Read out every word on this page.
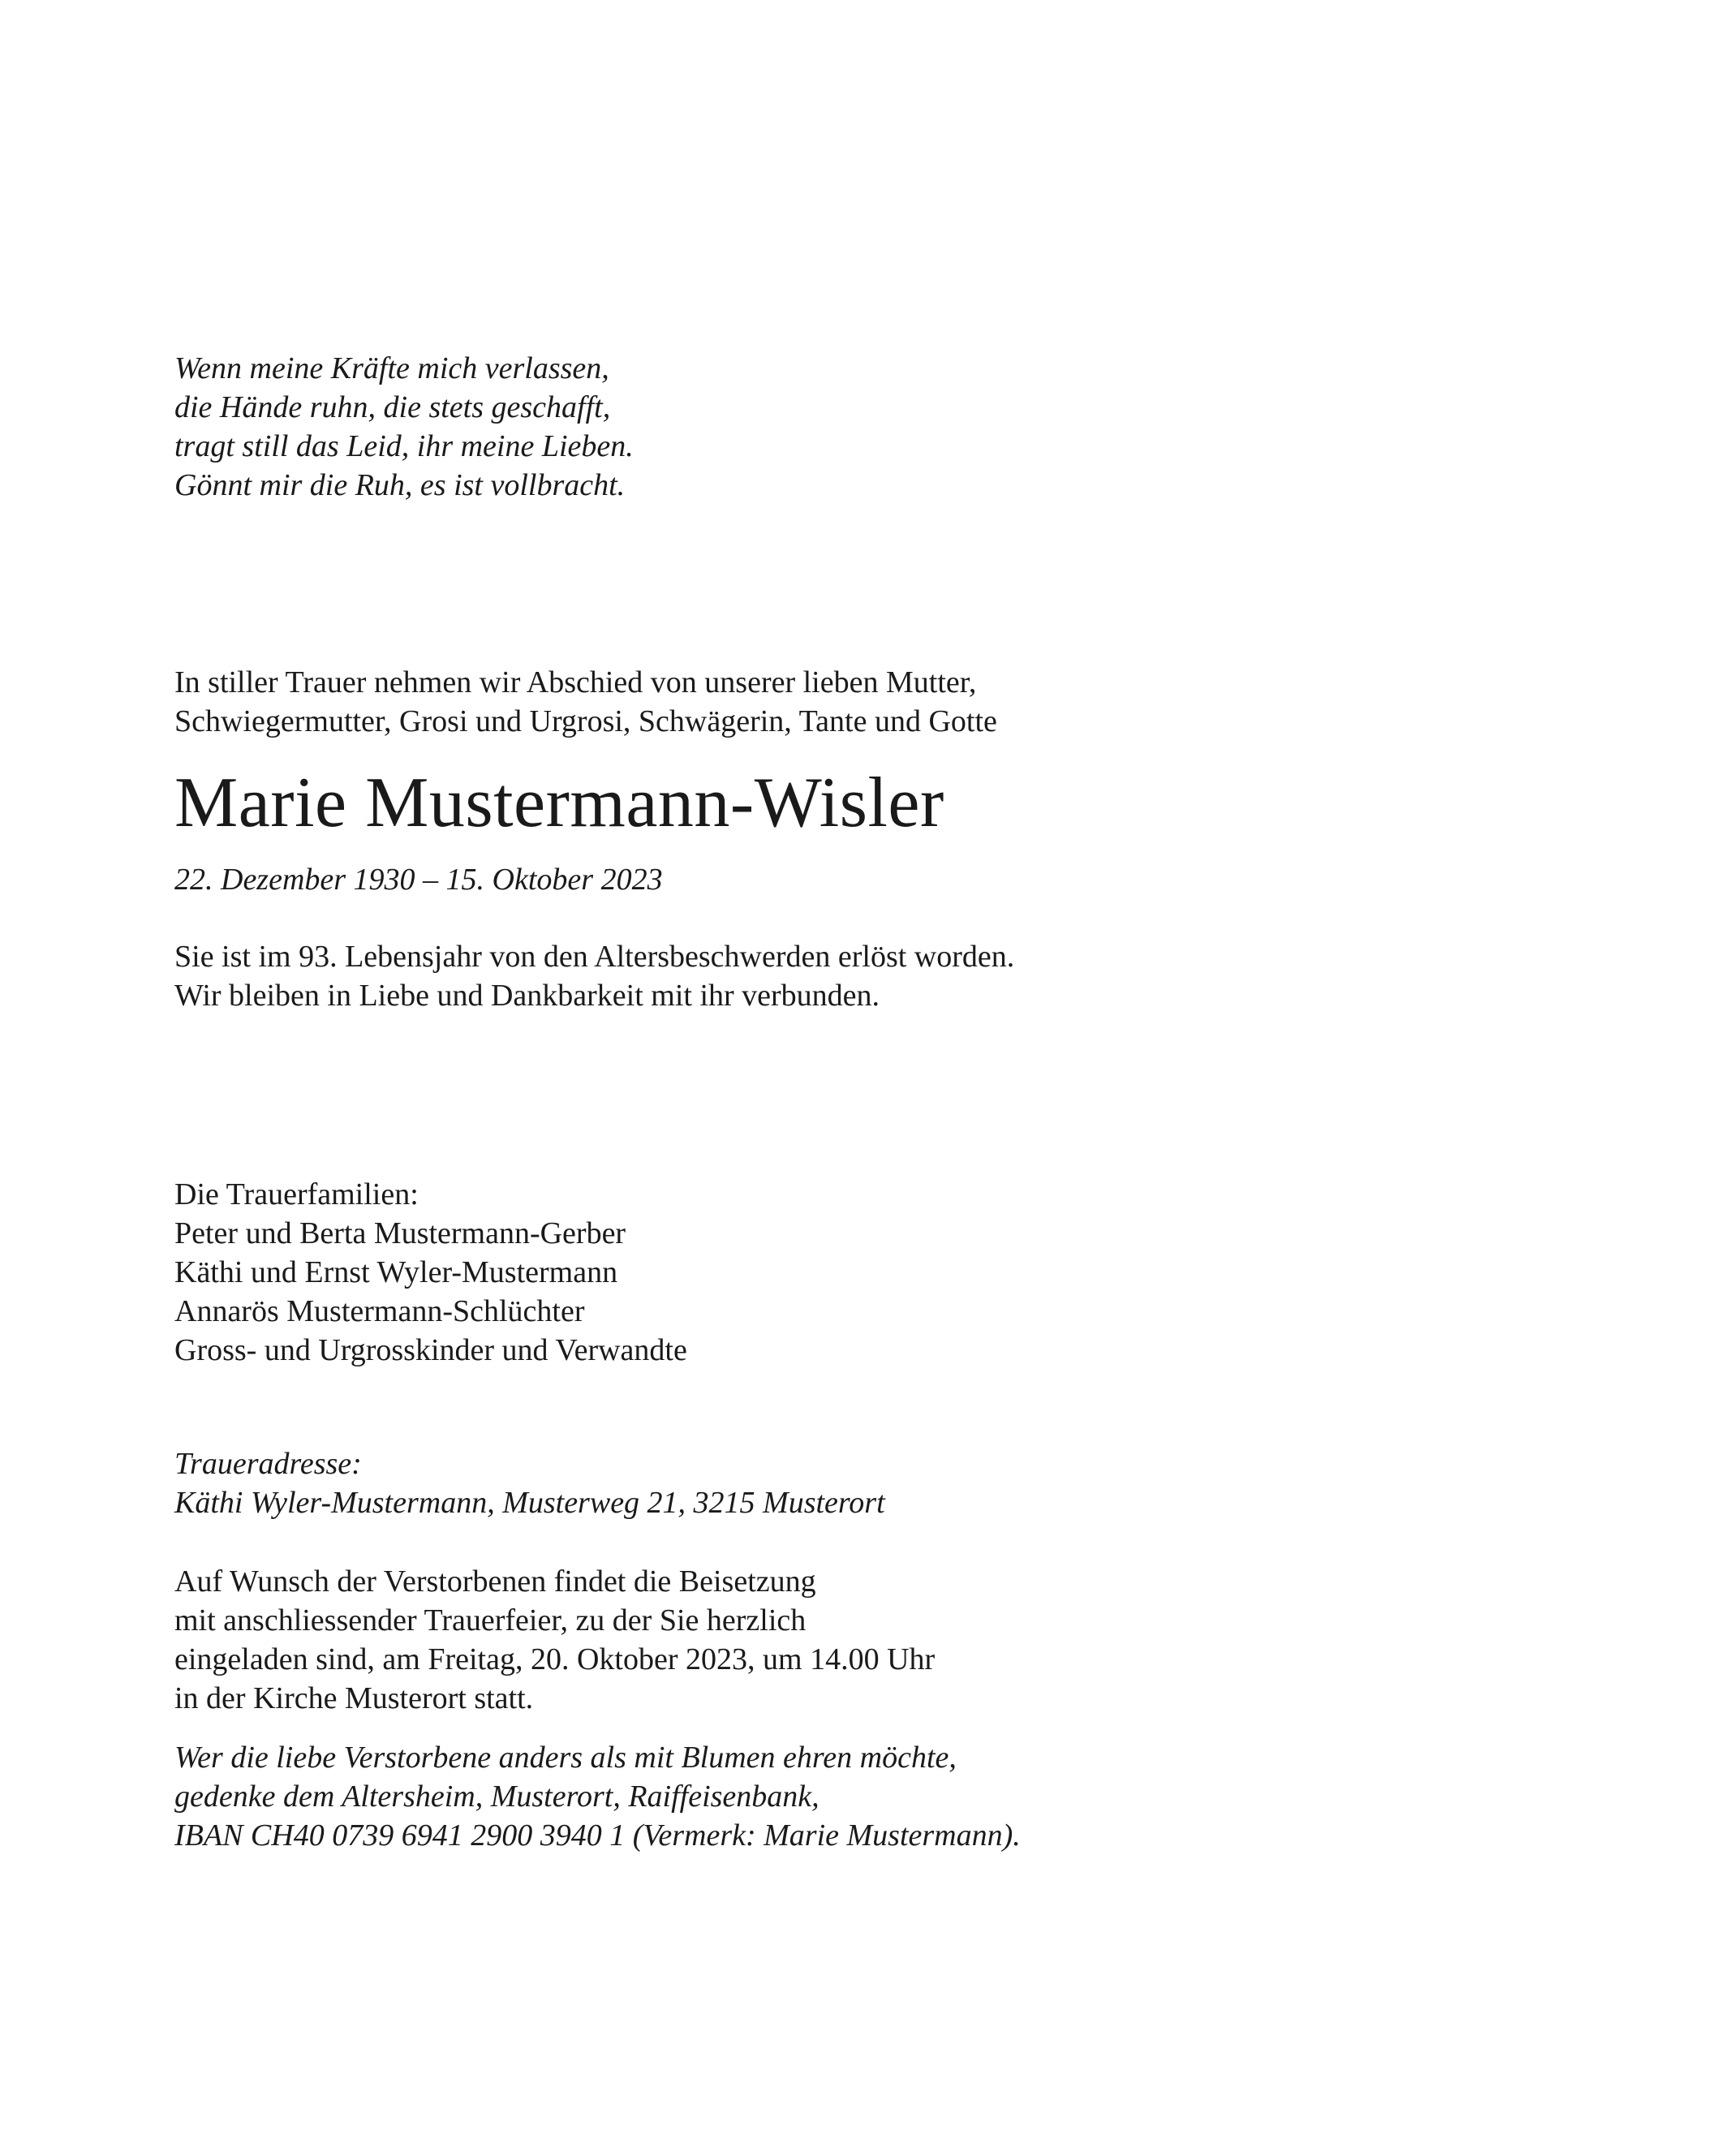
Wenn meine Kräfte mich verlassen,
die Hände ruhn, die stets geschafft,
tragt still das Leid, ihr meine Lieben.
Gönnt mir die Ruh, es ist vollbracht.
In stiller Trauer nehmen wir Abschied von unserer lieben Mutter,
Schwiegermutter, Grosi und Urgrosi, Schwägerin, Tante und Gotte
Marie Mustermann-Wisler
22. Dezember 1930 – 15. Oktober 2023
Sie ist im 93. Lebensjahr von den Altersbeschwerden erlöst worden.
Wir bleiben in Liebe und Dankbarkeit mit ihr verbunden.
Die Trauerfamilien:
Peter und Berta Mustermann-Gerber
Käthi und Ernst Wyler-Mustermann
Annarös Mustermann-Schlüchter
Gross- und Urgrosskinder und Verwandte
Traueradresse:
Käthi Wyler-Mustermann, Musterweg 21, 3215 Musterort
Auf Wunsch der Verstorbenen findet die Beisetzung
mit anschliessender Trauerfeier, zu der Sie herzlich
eingeladen sind, am Freitag, 20. Oktober 2023, um 14.00 Uhr
in der Kirche Musterort statt.
Wer die liebe Verstorbene anders als mit Blumen ehren möchte,
gedenke dem Altersheim, Musterort, Raiffeisenbank,
IBAN CH40 0739 6941 2900 3940 1 (Vermerk: Marie Mustermann).
